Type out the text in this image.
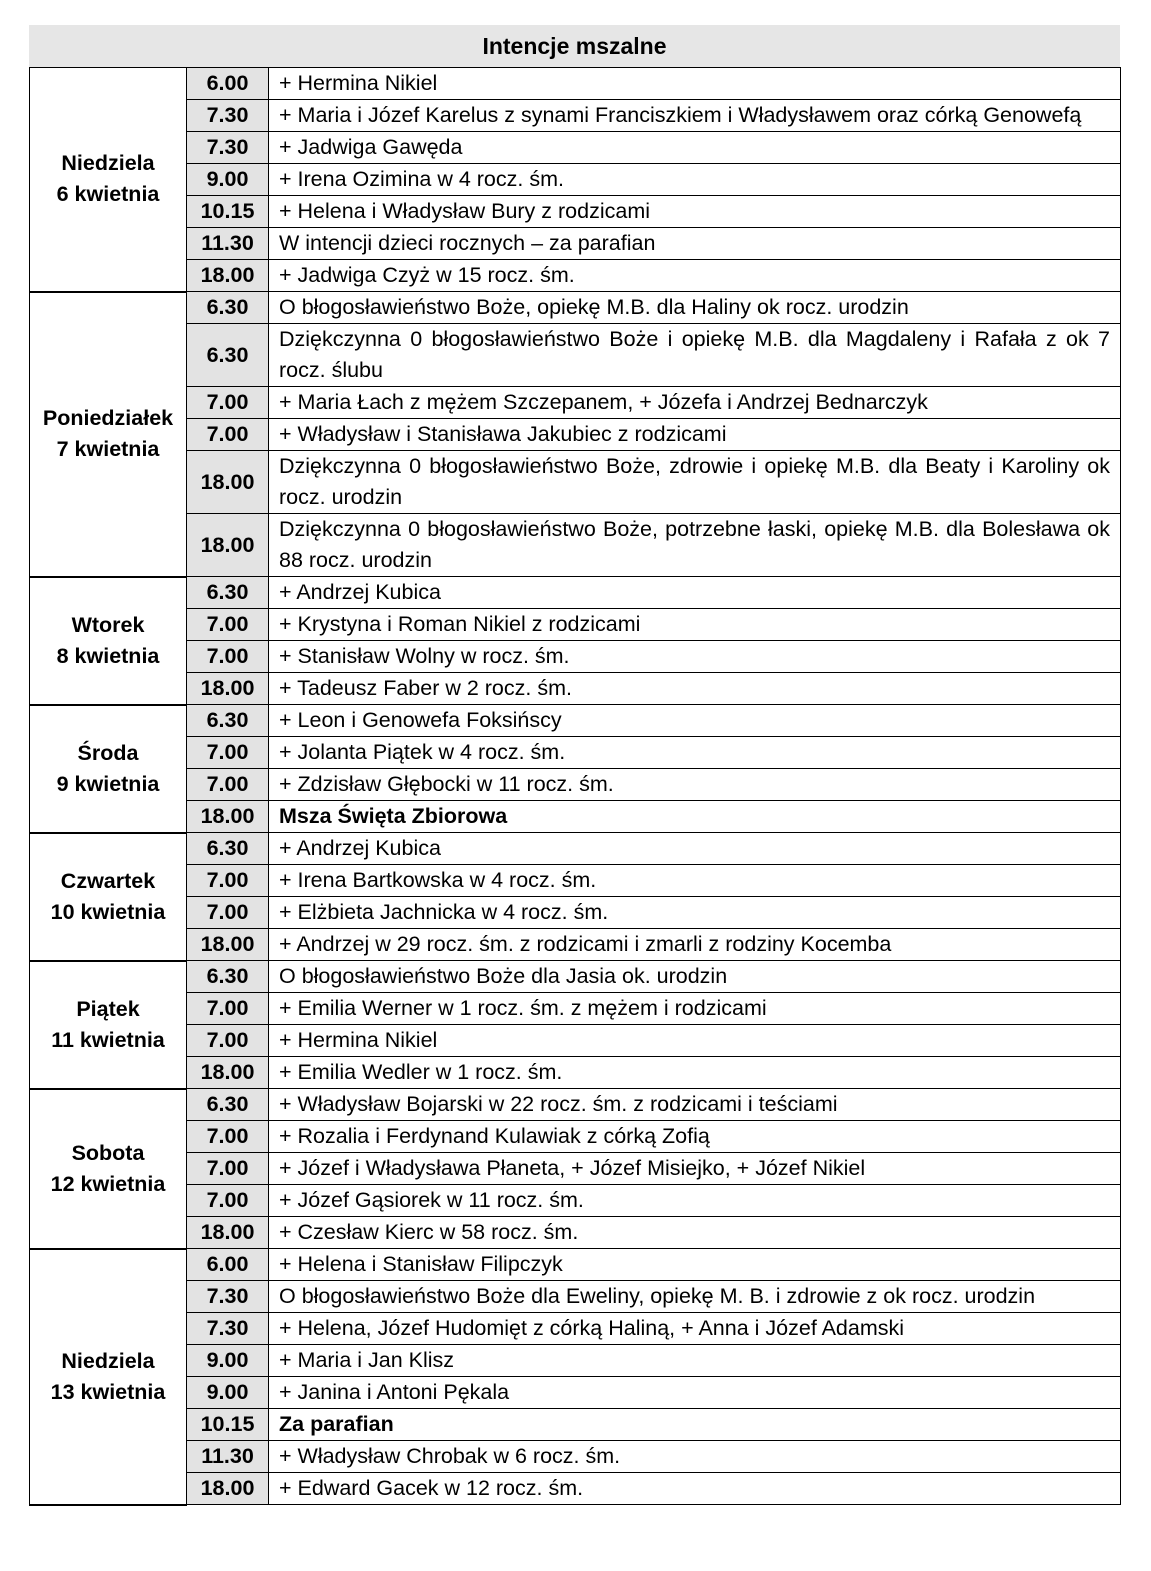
Intencje mszalne
Niedziela
6 kwietnia	6.00	+ Hermina Nikiel
	7.30	+ Maria i Józef Karelus z synami Franciszkiem i Władysławem oraz córką Genowefą
	7.30	+ Jadwiga Gawęda
	9.00	+ Irena Ozimina w 4 rocz. śm.
	10.15	+ Helena i Władysław Bury z rodzicami
	11.30	W intencji dzieci rocznych – za parafian
	18.00	+ Jadwiga Czyż w 15 rocz. śm.

Poniedziałek
7 kwietnia	6.30	O błogosławieństwo Boże, opiekę M.B. dla Haliny ok rocz. urodzin
	6.30	Dziękczynna 0 błogosławieństwo Boże i opiekę M.B. dla Magdaleny i Rafała z ok 7 rocz. ślubu
	7.00	+ Maria Łach z mężem Szczepanem, + Józefa i Andrzej Bednarczyk
	7.00	+ Władysław i Stanisława Jakubiec z rodzicami
	18.00	Dziękczynna 0 błogosławieństwo Boże, zdrowie i opiekę M.B. dla Beaty i Karoliny ok rocz. urodzin
	18.00	Dziękczynna 0 błogosławieństwo Boże, potrzebne łaski, opiekę M.B. dla Bolesława ok 88 rocz. urodzin

Wtorek
8 kwietnia	6.30	+ Andrzej Kubica
	7.00	+ Krystyna i Roman Nikiel z rodzicami
	7.00	+ Stanisław Wolny w rocz. śm.
	18.00	+ Tadeusz Faber w 2 rocz. śm.

Środa
9 kwietnia	6.30	+ Leon i Genowefa Foksińscy
	7.00	+ Jolanta Piątek w 4 rocz. śm.
	7.00	+ Zdzisław Głębocki w 11 rocz. śm.
	18.00	Msza Święta Zbiorowa

Czwartek
10 kwietnia	6.30	+ Andrzej Kubica
	7.00	+ Irena Bartkowska w 4 rocz. śm.
	7.00	+ Elżbieta Jachnicka w 4 rocz. śm.
	18.00	+ Andrzej w 29 rocz. śm. z rodzicami i zmarli z rodziny Kocemba

Piątek
11 kwietnia	6.30	O błogosławieństwo Boże dla Jasia ok. urodzin
	7.00	+ Emilia Werner w 1 rocz. śm. z mężem i rodzicami
	7.00	+ Hermina Nikiel
	18.00	+ Emilia Wedler w 1 rocz. śm.

Sobota
12 kwietnia	6.30	+ Władysław Bojarski w 22 rocz. śm. z rodzicami i teściami
	7.00	+ Rozalia i Ferdynand Kulawiak z córką Zofią
	7.00	+ Józef i Władysława Płaneta, + Józef Misiejko, + Józef Nikiel
	7.00	+ Józef Gąsiorek w 11 rocz. śm.
	18.00	+ Czesław Kierc w 58 rocz. śm.

Niedziela
13 kwietnia	6.00	+ Helena i Stanisław Filipczyk
	7.30	O błogosławieństwo Boże dla Eweliny, opiekę M. B. i zdrowie z ok rocz. urodzin
	7.30	+ Helena, Józef Hudomięt z córką Haliną, + Anna i Józef Adamski
	9.00	+ Maria i Jan Klisz
	9.00	+ Janina i Antoni Pękala
	10.15	Za parafian
	11.30	+ Władysław Chrobak w 6 rocz. śm.
	18.00	+ Edward Gacek w 12 rocz. śm.
